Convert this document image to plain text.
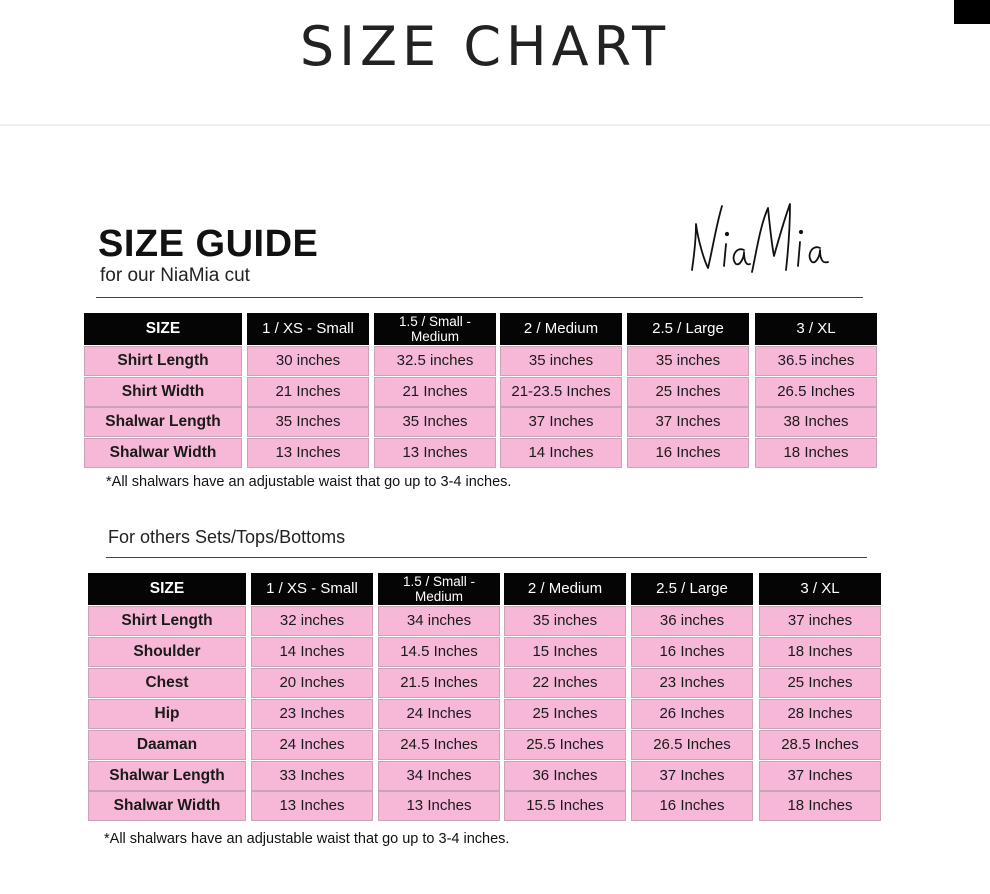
SIZE CHART
SIZE GUIDE
for our NiaMia cut
SIZE	1 / XS - Small	1.5 / Small - Medium	2 / Medium	2.5 / Large	3 / XL
Shirt Length	30 inches	32.5 inches	35 inches	35 inches	36.5 inches
Shirt Width	21 Inches	21 Inches	21-23.5 Inches	25 Inches	26.5 Inches
Shalwar Length	35 Inches	35 Inches	37 Inches	37 Inches	38 Inches
Shalwar Width	13 Inches	13 Inches	14 Inches	16 Inches	18 Inches
*All shalwars have an adjustable waist that go up to 3-4 inches.
For others Sets/Tops/Bottoms
SIZE	1 / XS - Small	1.5 / Small - Medium	2 / Medium	2.5 / Large	3 / XL
Shirt Length	32 inches	34 inches	35 inches	36 inches	37 inches
Shoulder	14 Inches	14.5 Inches	15 Inches	16 Inches	18 Inches
Chest	20 Inches	21.5 Inches	22 Inches	23 Inches	25 Inches
Hip	23 Inches	24 Inches	25 Inches	26 Inches	28 Inches
Daaman	24 Inches	24.5 Inches	25.5 Inches	26.5 Inches	28.5 Inches
Shalwar Length	33 Inches	34 Inches	36 Inches	37 Inches	37 Inches
Shalwar Width	13 Inches	13 Inches	15.5 Inches	16 Inches	18 Inches
*All shalwars have an adjustable waist that go up to 3-4 inches.
